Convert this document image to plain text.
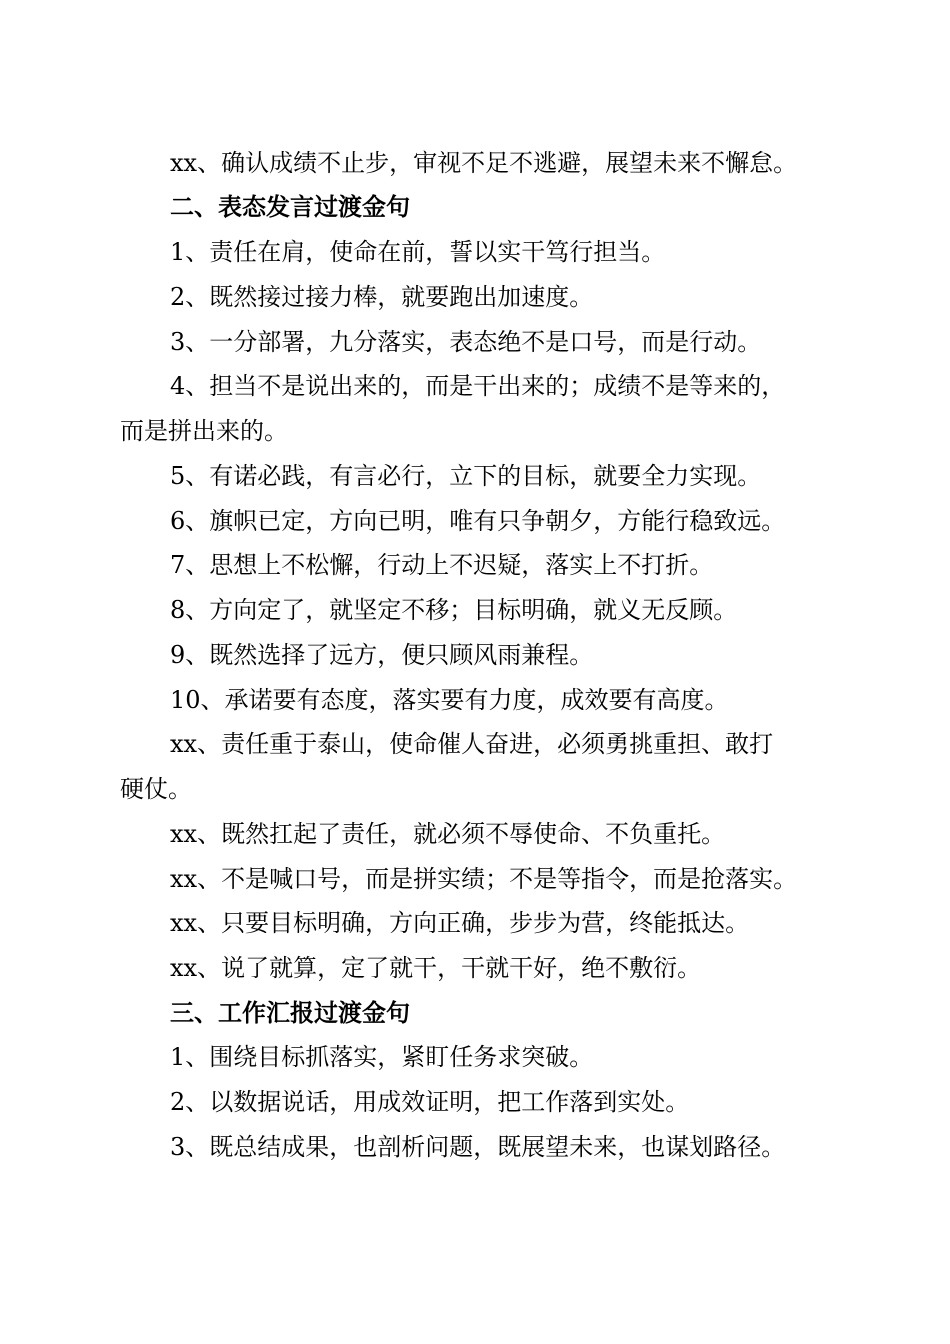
xx、确认成绩不止步，审视不足不逃避，展望未来不懈怠。

二、表态发言过渡金句

1、责任在肩，使命在前，誓以实干笃行担当。

2、既然接过接力棒，就要跑出加速度。

3、一分部署，九分落实，表态绝不是口号，而是行动。

4、担当不是说出来的，而是干出来的；成绩不是等来的，

而是拼出来的。

5、有诺必践，有言必行，立下的目标，就要全力实现。

6、旗帜已定，方向已明，唯有只争朝夕，方能行稳致远。

7、思想上不松懈，行动上不迟疑，落实上不打折。

8、方向定了，就坚定不移；目标明确，就义无反顾。

9、既然选择了远方，便只顾风雨兼程。

10、承诺要有态度，落实要有力度，成效要有高度。

xx、责任重于泰山，使命催人奋进，必须勇挑重担、敢打

硬仗。

xx、既然扛起了责任，就必须不辱使命、不负重托。

xx、不是喊口号，而是拼实绩；不是等指令，而是抢落实。

xx、只要目标明确，方向正确，步步为营，终能抵达。

xx、说了就算，定了就干，干就干好，绝不敷衍。

三、工作汇报过渡金句

1、围绕目标抓落实，紧盯任务求突破。

2、以数据说话，用成效证明，把工作落到实处。

3、既总结成果，也剖析问题，既展望未来，也谋划路径。
